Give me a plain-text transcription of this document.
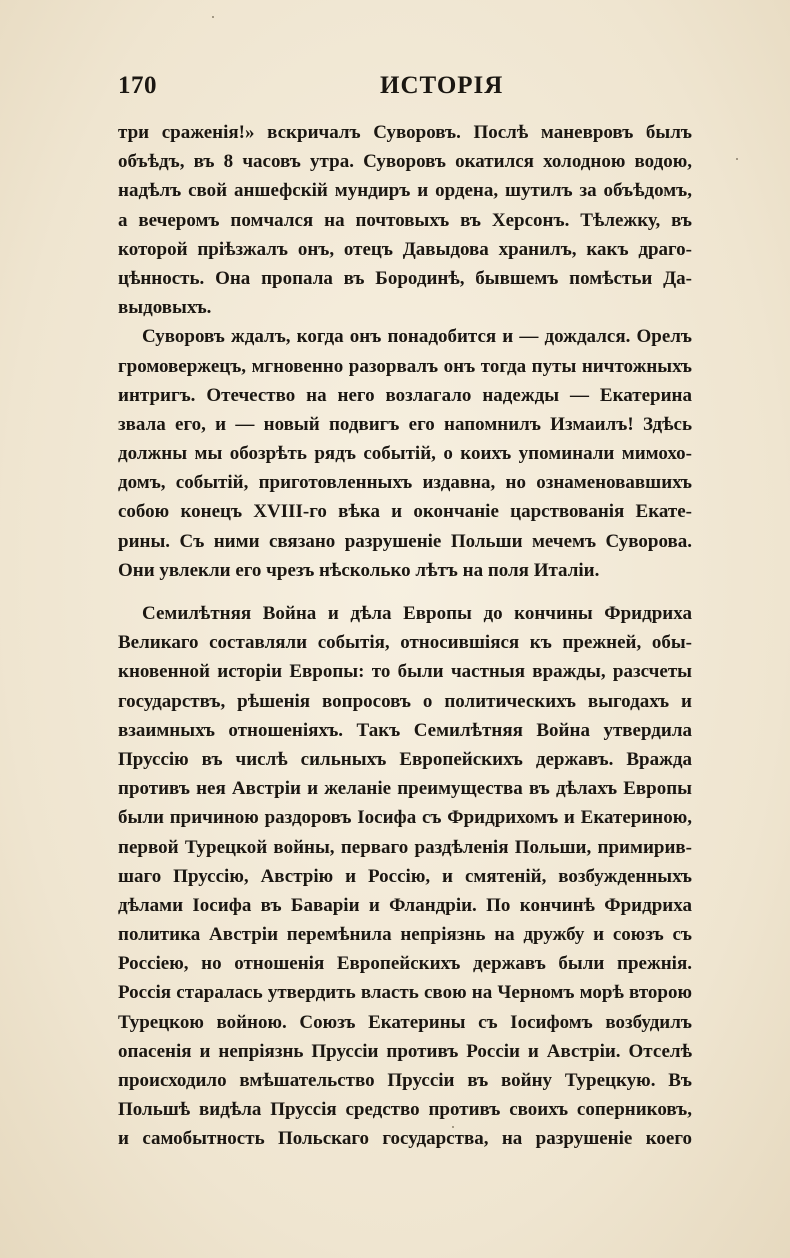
170	ИСТОРІЯ
три сраженія!» вскричалъ Суворовъ. Послѣ маневровъ былъ
объѣдъ, въ 8 часовъ утра. Суворовъ окатился холодною водою,
надѣлъ свой аншефскій мундиръ и ордена, шутилъ за объѣдомъ,
а вечеромъ помчался на почтовыхъ въ Херсонъ. Тѣлежку, въ
которой пріѣзжалъ онъ, отецъ Давыдова хранилъ, какъ драго-
цѣнность. Она пропала въ Бородинѣ, бывшемъ помѣстьи Да-
выдовыхъ.
Суворовъ ждалъ, когда онъ понадобится и — дождался. Орелъ
громовержецъ, мгновенно разорвалъ онъ тогда путы ничтожныхъ
интригъ. Отечество на него возлагало надежды — Екатерина
звала его, и — новый подвигъ его напомнилъ Измаилъ! Здѣсь
должны мы обозрѣть рядъ событій, о коихъ упоминали мимохо-
домъ, событій, приготовленныхъ издавна, но ознаменовавшихъ
собою конецъ XVIII-го вѣка и окончаніе царствованія Екате-
рины. Съ ними связано разрушеніе Польши мечемъ Суворова.
Они увлекли его чрезъ нѣсколько лѣтъ на поля Италіи.
Семилѣтняя Война и дѣла Европы до кончины Фридриха
Великаго составляли событія, относившіяся къ прежней, обы-
кновенной исторіи Европы: то были частныя вражды, разсчеты
государствъ, рѣшенія вопросовъ о политическихъ выгодахъ и
взаимныхъ отношеніяхъ. Такъ Семилѣтняя Война утвердила
Пруссію въ числѣ сильныхъ Европейскихъ державъ. Вражда
противъ нея Австріи и желаніе преимущества въ дѣлахъ Европы
были причиною раздоровъ Іосифа съ Фридрихомъ и Екатериною,
первой Турецкой войны, перваго раздѣленія Польши, примирив-
шаго Пруссію, Австрію и Россію, и смятеній, возбужденныхъ
дѣлами Іосифа въ Баваріи и Фландріи. По кончинѣ Фридриха
политика Австріи перемѣнила непріязнь на дружбу и союзъ съ
Россіею, но отношенія Европейскихъ державъ были прежнія.
Россія старалась утвердить власть свою на Черномъ морѣ второю
Турецкою войною. Союзъ Екатерины съ Іосифомъ возбудилъ
опасенія и непріязнь Пруссіи противъ Россіи и Австріи. Отселѣ
происходило вмѣшательство Пруссіи въ войну Турецкую. Въ
Польшѣ видѣла Пруссія средство противъ своихъ соперниковъ,
и самобытность Польскаго государства, на разрушеніе коего
